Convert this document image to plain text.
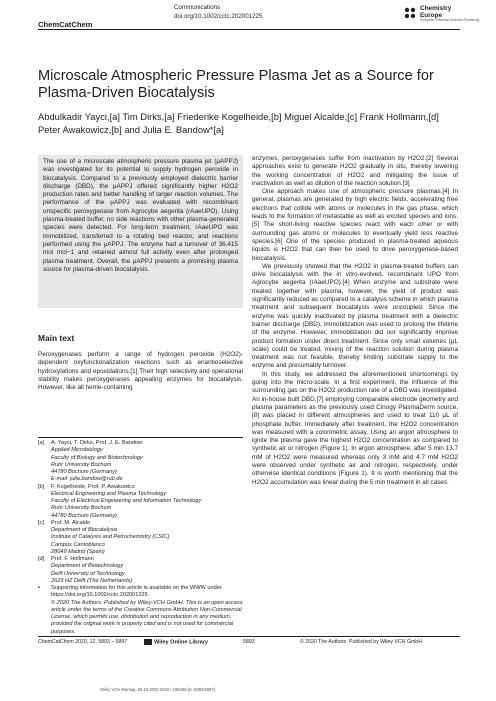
Communications
doi.org/10.1002/cctc.202001225
ChemCatChem
Chemistry
Europe
European Chemical Societies Publishing
Microscale Atmospheric Pressure Plasma Jet as a Source for Plasma-Driven Biocatalysis
Abdulkadir Yayci,[a] Tim Dirks,[a] Friederike Kogelheide,[b] Miguel Alcalde,[c] Frank Hollmann,[d]
Peter Awakowicz,[b] and Julia E. Bandow*[a]
The use of a microscale atmospheric pressure plasma jet (μAPPJ) was investigated for its potential to supply hydrogen peroxide in biocatalysis. Compared to a previously employed dielectric barrier discharge (DBD), the μAPPJ offered significantly higher H2O2 production rates and better handling of larger reaction volumes. The performance of the μAPPJ was evaluated with recombinant unspecific peroxygenase from Agrocybe aegerita (rAaeUPO). Using plasma-treated buffer, no side reactions with other plasma-generated species were detected. For long-term treatment, rAaeUPO was immobilized, transferred to a rotating bed reactor, and reactions performed using the μAPPJ. The enzyme had a turnover of 36,415 mol mol−1 and retained almost full activity even after prolonged plasma treatment. Overall, the μAPPJ presents a promising plasma source for plasma-driven biocatalysis.
Main text

Peroxygenases perform a range of hydrogen peroxide (H2O2)-dependent oxyfunctionalization reactions such as enantioselective hydroxylations and epoxidations.[1] Their high selectivity and operational stability makes peroxygenases appealing enzymes for biocatalysis. However, like all heme-containing

[a]	A. Yayci, T. Dirks, Prof. J. E. Bandow
Applied Microbiology
Faculty of Biology and Biotechnology
Ruhr University Bochum
44780 Bochum (Germany)
E-mail: julia.bandow@rub.de
[b]	F. Kogelheide, Prof. P. Awakowicz
Electrical Engineering and Plasma Technology
Faculty of Electrical Engineering and Information Technology
Ruhr University Bochum
44780 Bochum (Germany)
[c]	Prof. M. Alcalde
Department of Biocatalysis
Institute of Catalysis and Petrochemistry (CSIC)
Campus Cantoblanco
28049 Madrid (Spain)
[d]	Prof. F. Hollmann
Department of Biotechnology
Delft University of Technology
2629 HZ Delft (The Netherlands)
▪	Supporting information for this article is available on the WWW under https://doi.org/10.1002/cctc.202001225
© 2020 The Authors. Published by Wiley-VCH GmbH. This is an open access article under the terms of the Creative Commons Attribution Non-Commercial License, which permits use, distribution and reproduction in any medium, provided the original work is properly cited and is not used for commercial purposes.

enzymes, peroxygenases suffer from inactivation by H2O2.[2] Several approaches exist to generate H2O2 gradually in situ, thereby lowering the working concentration of H2O2 and mitigating the issue of inactivation as well as dilution of the reaction solution.[3]

One approach makes use of atmospheric pressure plasmas.[4] In general, plasmas are generated by high electric fields, accelerating free electrons that collide with atoms or molecules in the gas phase, which leads to the formation of metastable as well as excited species and ions.[5] The short-living reactive species react with each other or with surrounding gas atoms or molecules to eventually yield less reactive species.[6] One of the species produced in plasma-treated aqueous liquids is H2O2 that can then be used to drive peroxygenase-based biocatalysis.

We previously showed that the H2O2 in plasma-treated buffers can drive biocatalysis with the in vitro-evolved, recombinant UPO from Agrocybe aegerita (rAaeUPO).[4] When enzyme and substrate were treated together with plasma, however, the yield of product was significantly reduced as compared to a catalysis scheme in which plasma treatment and subsequent biocatalysis were uncoupled. Since the enzyme was quickly inactivated by plasma treatment with a dielectric barrier discharge (DBD), immobilization was used to prolong the lifetime of the enzyme. However, immobilization did not significantly improve product formation under direct treatment. Since only small volumes (μL scale) could be treated, mixing of the reaction solution during plasma treatment was not feasible, thereby limiting substrate supply to the enzyme and presumably turnover.

In this study, we addressed the aforementioned shortcomings by going into the micro-scale. In a first experiment, the influence of the surrounding gas on the H2O2 production rate of a DBD was investigated. An in-house built DBD,[7] employing comparable electrode geometry and plasma parameters as the previously used Cinogy PlasmaDerm source,[8] was placed in different atmospheres and used to treat 110 μL of phosphate buffer. Immediately after treatment, the H2O2 concentration was measured with a colorimetric assay. Using an argon atmosphere to ignite the plasma gave the highest H2O2 concentration as compared to synthetic air or nitrogen (Figure 1). In argon atmosphere, after 5 min 13.7 mM of H2O2 were measured whereas only 3 mM and 4.7 mM H2O2 were observed under synthetic air and nitrogen, respectively, under otherwise identical conditions (Figure 1). It is worth mentioning that the H2O2 accumulation was linear during the 5 min treatment in all cases.

ChemCatChem 2020, 12, 5893 – 5897	Wiley Online Library	5893	© 2020 The Authors. Published by Wiley-VCH GmbH
Wiley VCH Montag, 26.10.2020 2022 / 185068 [S. 5893/5897]
